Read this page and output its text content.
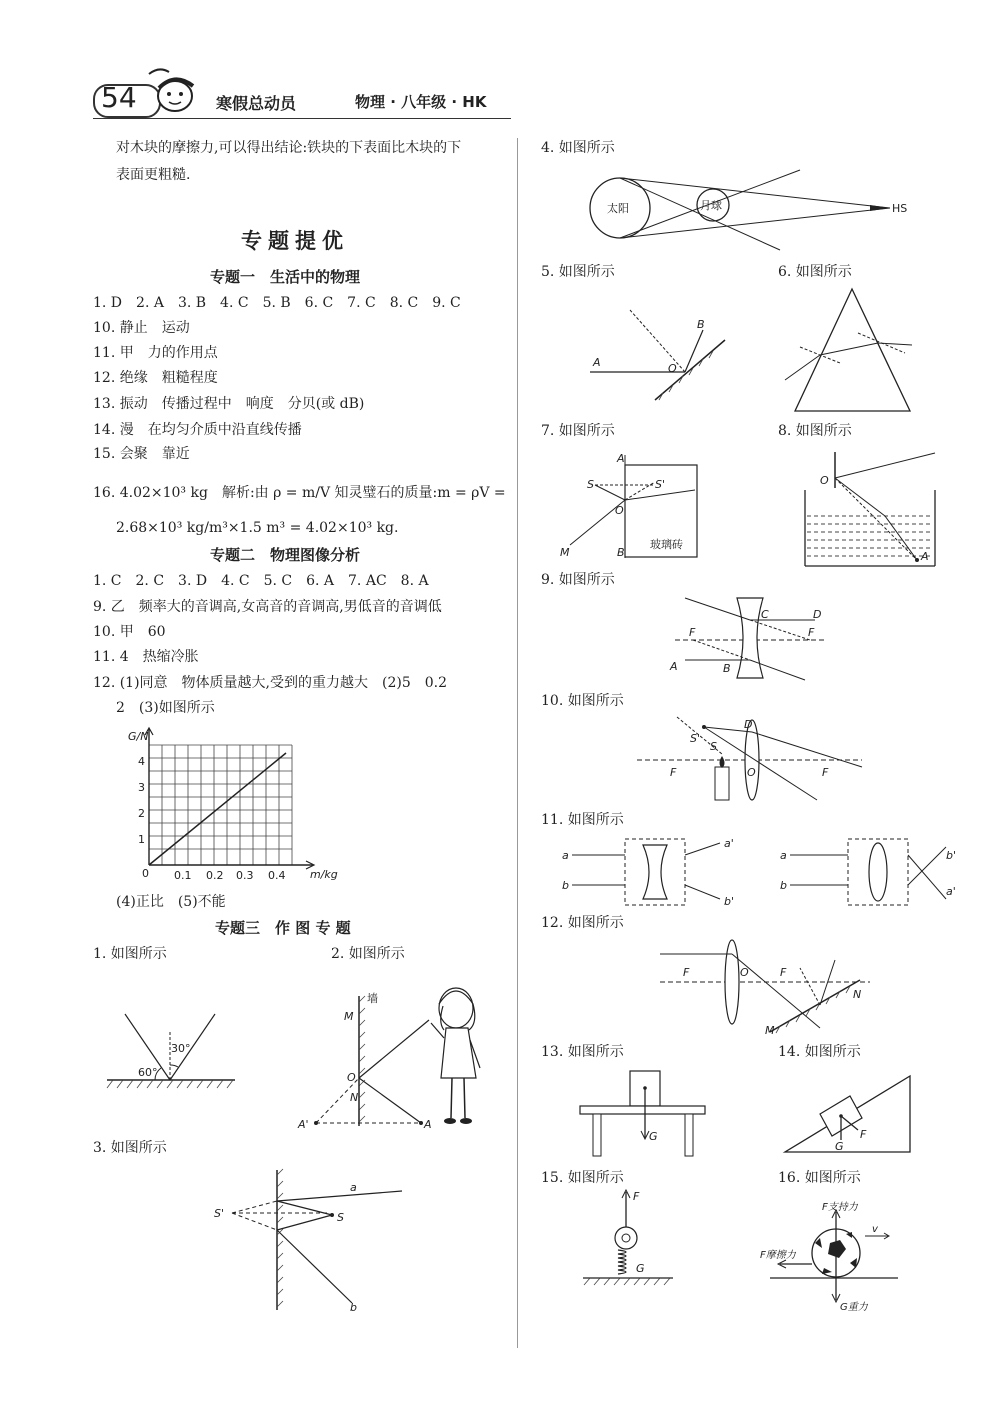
54	寒假总动员	物理 · 八年级 · HK
对木块的摩擦力,可以得出结论:铁块的下表面比木块的下
表面更粗糙.
专题提优
专题一　生活中的物理
1. D　2. A　3. B　4. C　5. B　6. C　7. C　8. C　9. C
10. 静止　运动
11. 甲　力的作用点
12. 绝缘　粗糙程度
13. 振动　传播过程中　响度　分贝(或 dB)
14. 漫　在均匀介质中沿直线传播
15. 会聚　靠近
16. 4.02×10³ kg　解析:由 ρ = m/V 知灵璧石的质量:m = ρV =
2.68×10³ kg/m³×1.5 m³ = 4.02×10³ kg.
专题二　物理图像分析
1. C　2. C　3. D　4. C　5. C　6. A　7. AC　8. A
9. 乙　频率大的音调高,女高音的音调高,男低音的音调低
10. 甲　60
11. 4　热缩冷胀
12. (1)同意　物体质量越大,受到的重力越大　(2)5　0.2
2　(3)如图所示
G/N
m/kg
0 0.1 0.2 0.3 0.4
1
2
3
4
(4)正比　(5)不能
专题三　作 图 专 题
1. 如图所示	2. 如图所示
60°
30°
墙
M
O
N
A'	A
3. 如图所示
S'	S
a
b
4. 如图所示
太阳	月球	HS
5. 如图所示	6. 如图所示
A	O
B
7. 如图所示	8. 如图所示
A
S	S'
O
M	B
玻璃砖
O
A
9. 如图所示
C	D
F	F
A	B
10. 如图所示
S'
S
D
F	O	F
11. 如图所示
a
b
a'
b'
a
b
b'
a'
12. 如图所示
F	O	F
N
M
13. 如图所示	14. 如图所示
G
G
F
15. 如图所示	16. 如图所示
F
G
F支持力
F摩擦力
G重力
v
